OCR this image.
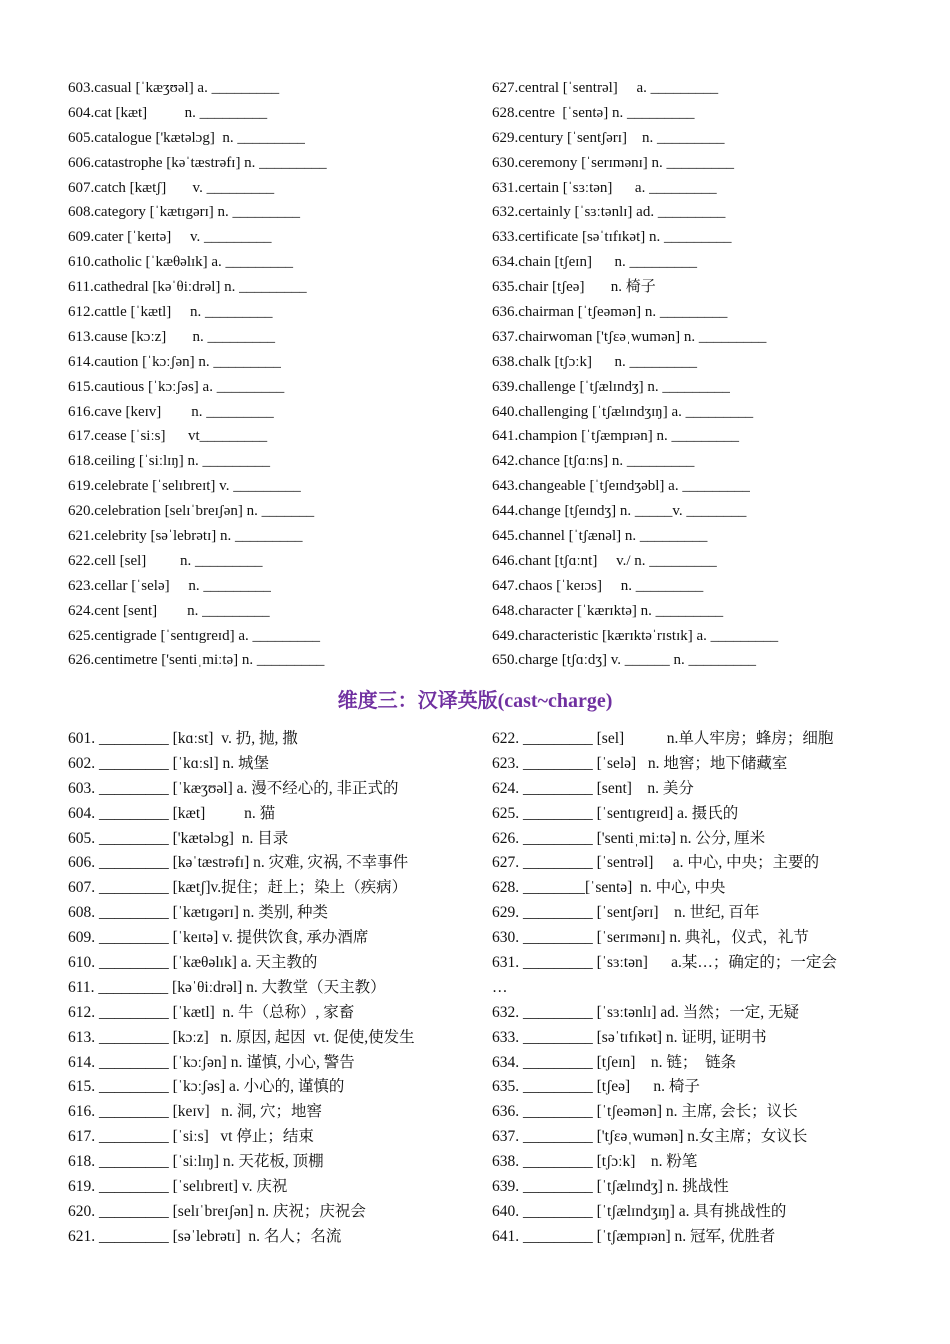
603.casual [ˈkæʒʊəl] a. _________
604.cat [kæt]          n. _________
605.catalogue ['kætəlɔg]  n. _________
606.catastrophe [kəˈtæstrəfɪ] n. _________
607.catch [kætʃ]       v. _________
608.category [ˈkætɪgərɪ] n. _________
609.cater [ˈkeɪtə]     v. _________
610.catholic [ˈkæθəlɪk] a. _________
611.cathedral [kəˈθiːdrəl] n. _________
612.cattle [ˈkætl]     n. _________
613.cause [kɔːz]       n. _________
614.caution [ˈkɔːʃən] n. _________
615.cautious [ˈkɔːʃəs] a. _________
616.cave [keɪv]        n. _________
617.cease [ˈsiːs]      vt_________
618.ceiling [ˈsiːlɪŋ] n. _________
619.celebrate [ˈselɪbreɪt] v. _________
620.celebration [selɪˈbreɪʃən] n. _______
621.celebrity [səˈlebrətɪ] n. _________
622.cell [sel]         n. _________
623.cellar [ˈselə]     n. _________
624.cent [sent]        n. _________
625.centigrade [ˈsentɪgreɪd] a. _________
626.centimetre ['sentiˌmiːtə] n. _________
627.central [ˈsentrəl]     a. _________
628.centre  [ˈsentə] n. _________
629.century [ˈsentʃərɪ]    n. _________
630.ceremony [ˈserɪmənɪ] n. _________
631.certain [ˈsɜːtən]      a. _________
632.certainly [ˈsɜːtənlɪ] ad. _________
633.certificate [səˈtɪfɪkət] n. _________
634.chain [tʃeɪn]      n. _________
635.chair [tʃeə]       n. 椅子
636.chairman [ˈtʃeəmən] n. _________
637.chairwoman ['tʃεəˌwumən] n. _________
638.chalk [tʃɔːk]      n. _________
639.challenge [ˈtʃælɪndʒ] n. _________
640.challenging [ˈtʃælɪndʒɪŋ] a. _________
641.champion [ˈtʃæmpɪən] n. _________
642.chance [tʃɑːns] n. _________
643.changeable [ˈtʃeɪndʒəbl] a. _________
644.change [tʃeɪndʒ] n. _____v. ________
645.channel [ˈtʃænəl] n. _________
646.chant [tʃɑːnt]     v./ n. _________
647.chaos [ˈkeɪɔs]     n. _________
648.character [ˈkærɪktə] n. _________
649.characteristic [kærɪktəˈrɪstɪk] a. _________
650.charge [tʃɑːdʒ] v. ______ n. _________
维度三：汉译英版(cast~charge)
601. _________ [kɑːst]  v. 扔, 抛, 撒
602. _________ [ˈkɑːsl] n. 城堡
603. _________ [ˈkæʒʊəl] a. 漫不经心的, 非正式的
604. _________ [kæt]          n. 猫
605. _________ ['kætəlɔg]  n. 目录
606. _________ [kəˈtæstrəfɪ] n. 灾难, 灾祸, 不幸事件
607. _________ [kætʃ]v.捉住；赶上；染上（疾病）
608. _________ [ˈkætɪgərɪ] n. 类别, 种类
609. _________ [ˈkeɪtə] v. 提供饮食, 承办酒席
610. _________ [ˈkæθəlɪk] a. 天主教的
611. _________ [kəˈθiːdrəl] n. 大教堂（天主教）
612. _________ [ˈkætl]  n. 牛（总称）, 家畜
613. _________ [kɔːz]   n. 原因, 起因  vt. 促使,使发生
614. _________ [ˈkɔːʃən] n. 谨慎, 小心, 警告
615. _________ [ˈkɔːʃəs] a. 小心的, 谨慎的
616. _________ [keɪv]   n. 洞, 穴；地窖
617. _________ [ˈsiːs]   vt 停止；结束
618. _________ [ˈsiːlɪŋ] n. 天花板, 顶棚
619. _________ [ˈselɪbreɪt] v. 庆祝
620. _________ [selɪˈbreɪʃən] n. 庆祝；庆祝会
621. _________ [səˈlebrətɪ]  n. 名人；名流
622. _________ [sel]           n.单人牢房；蜂房；细胞
623. _________ [ˈselə]   n. 地窖；地下储藏室
624. _________ [sent]    n. 美分
625. _________ [ˈsentɪgreɪd] a. 摄氏的
626. _________ ['sentiˌmiːtə] n. 公分, 厘米
627. _________ [ˈsentrəl]     a. 中心, 中央；主要的
628. ________[ˈsentə]  n. 中心, 中央
629. _________ [ˈsentʃərɪ]    n. 世纪, 百年
630. _________ [ˈserɪmənɪ] n. 典礼，仪式，礼节
631. _________ [ˈsɜːtən]      a.某…；确定的；一定会
…
632. _________ [ˈsɜːtənlɪ] ad. 当然；一定, 无疑
633. _________ [səˈtɪfɪkət] n. 证明, 证明书
634. _________ [tʃeɪn]    n. 链；  链条
635. _________ [tʃeə]      n. 椅子
636. _________ [ˈtʃeəmən] n. 主席, 会长；议长
637. _________ ['tʃεəˌwumən] n.女主席；女议长
638. _________ [tʃɔːk]    n. 粉笔
639. _________ [ˈtʃælɪndʒ] n. 挑战性
640. _________ [ˈtʃælɪndʒɪŋ] a. 具有挑战性的
641. _________ [ˈtʃæmpɪən] n. 冠军, 优胜者
